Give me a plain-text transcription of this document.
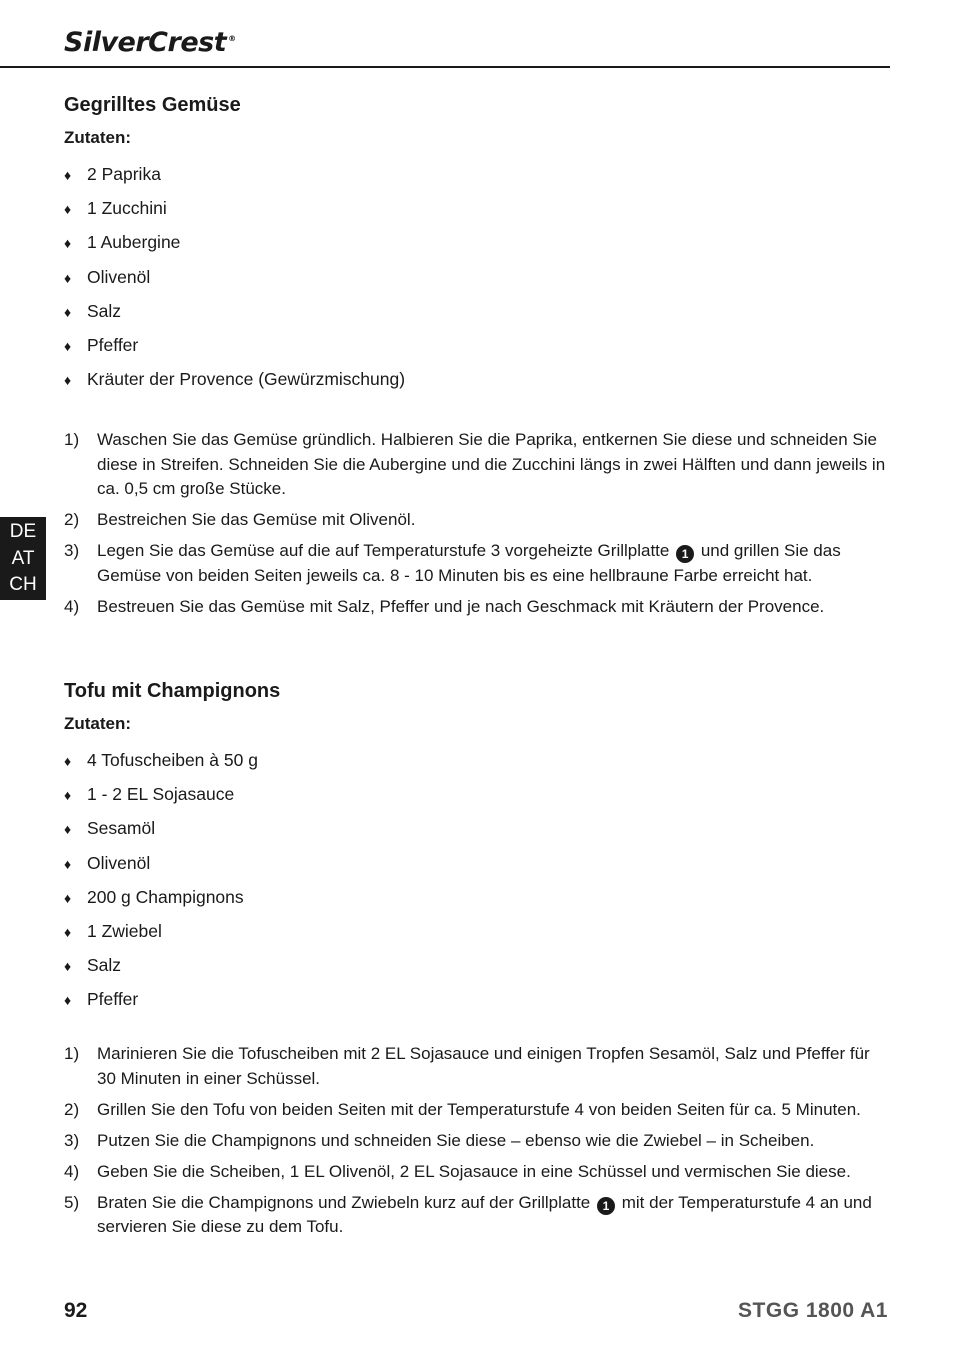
SilverCrest ®
DE
AT
CH
Gegrilltes Gemüse
Zutaten:
♦ 2 Paprika
♦ 1 Zucchini
♦ 1 Aubergine
♦ Olivenöl
♦ Salz
♦ Pfeffer
♦ Kräuter der Provence (Gewürzmischung)
1) Waschen Sie das Gemüse gründlich. Halbieren Sie die Paprika, entkernen Sie diese und schneiden Sie diese in Streifen. Schneiden Sie die Aubergine und die Zucchini längs in zwei Hälften und dann jeweils in ca. 0,5 cm große Stücke.
2) Bestreichen Sie das Gemüse mit Olivenöl.
3) Legen Sie das Gemüse auf die auf Temperaturstufe 3 vorgeheizte Grillplatte 1 und grillen Sie das Gemüse von beiden Seiten jeweils ca. 8 - 10 Minuten bis es eine hellbraune Farbe erreicht hat.
4) Bestreuen Sie das Gemüse mit Salz, Pfeffer und je nach Geschmack mit Kräutern der Provence.
Tofu mit Champignons
Zutaten:
♦ 4 Tofuscheiben à 50 g
♦ 1 - 2 EL Sojasauce
♦ Sesamöl
♦ Olivenöl
♦ 200 g Champignons
♦ 1 Zwiebel
♦ Salz
♦ Pfeffer
1) Marinieren Sie die Tofuscheiben mit 2 EL Sojasauce und einigen Tropfen Sesamöl, Salz und Pfeffer für 30 Minuten in einer Schüssel.
2) Grillen Sie den Tofu von beiden Seiten mit der Temperaturstufe 4 von beiden Seiten für ca. 5 Minuten.
3) Putzen Sie die Champignons und schneiden Sie diese – ebenso wie die Zwiebel – in Scheiben.
4) Geben Sie die Scheiben, 1 EL Olivenöl, 2 EL Sojasauce in eine Schüssel und vermischen Sie diese.
5) Braten Sie die Champignons und Zwiebeln kurz auf der Grillplatte 1 mit der Temperaturstufe 4 an und servieren Sie diese zu dem Tofu.
92	STGG 1800 A1
